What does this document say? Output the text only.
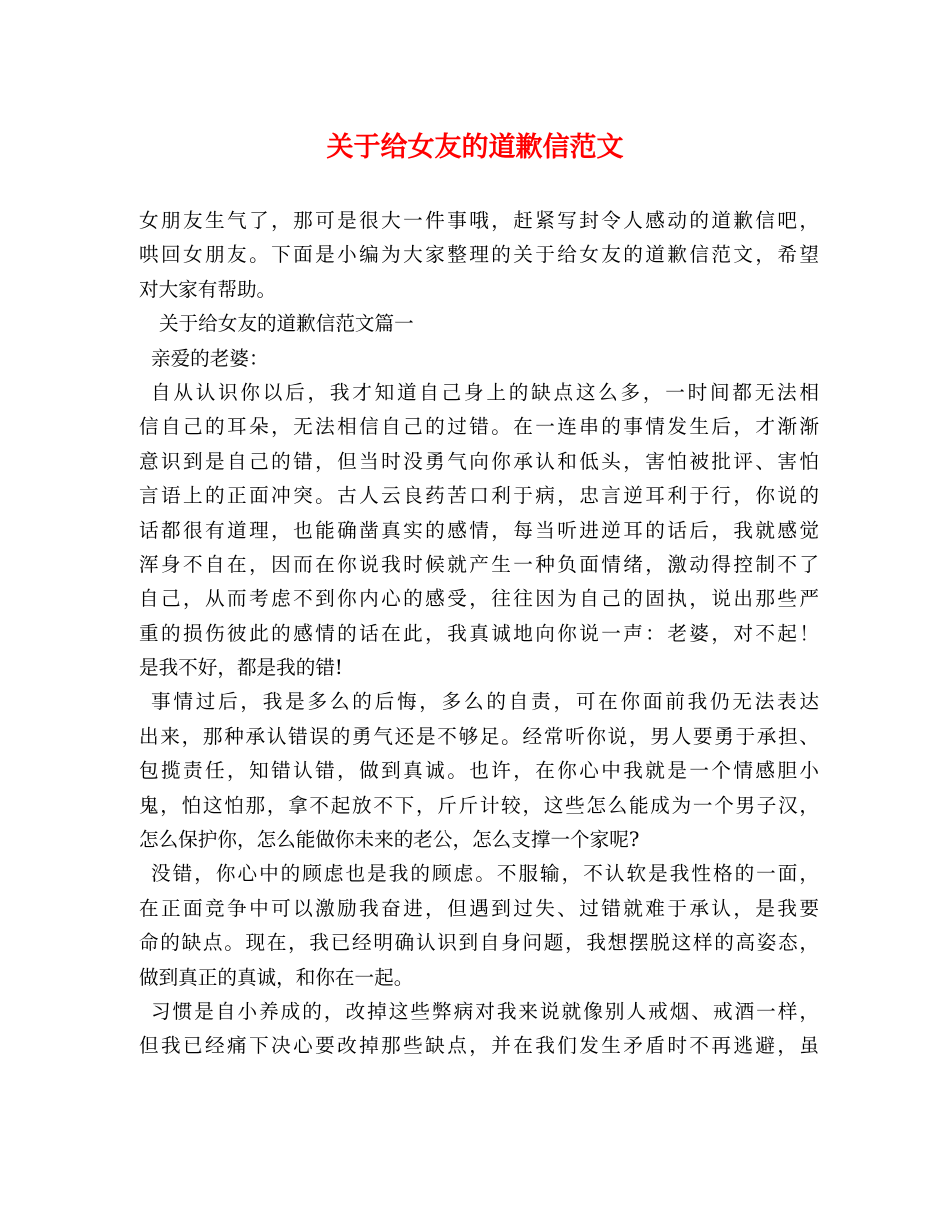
关于给女友的道歉信范文
女朋友生气了，那可是很大一件事哦，赶紧写封令人感动的道歉信吧，
哄回女朋友。下面是小编为大家整理的关于给女友的道歉信范文，希望
对大家有帮助。
关于给女友的道歉信范文篇一
亲爱的老婆：
自从认识你以后，我才知道自己身上的缺点这么多，一时间都无法相
信自己的耳朵，无法相信自己的过错。在一连串的事情发生后，才渐渐
意识到是自己的错，但当时没勇气向你承认和低头，害怕被批评、害怕
言语上的正面冲突。古人云良药苦口利于病，忠言逆耳利于行，你说的
话都很有道理，也能确凿真实的感情，每当听进逆耳的话后，我就感觉
浑身不自在，因而在你说我时候就产生一种负面情绪，激动得控制不了
自己，从而考虑不到你内心的感受，往往因为自己的固执，说出那些严
重的损伤彼此的感情的话在此，我真诚地向你说一声：老婆，对不起！
是我不好，都是我的错!
事情过后，我是多么的后悔，多么的自责，可在你面前我仍无法表达
出来，那种承认错误的勇气还是不够足。经常听你说，男人要勇于承担、
包揽责任，知错认错，做到真诚。也许，在你心中我就是一个情感胆小
鬼，怕这怕那，拿不起放不下，斤斤计较，这些怎么能成为一个男子汉，
怎么保护你，怎么能做你未来的老公，怎么支撑一个家呢?
没错，你心中的顾虑也是我的顾虑。不服输，不认软是我性格的一面，
在正面竞争中可以激励我奋进，但遇到过失、过错就难于承认，是我要
命的缺点。现在，我已经明确认识到自身问题，我想摆脱这样的高姿态，
做到真正的真诚，和你在一起。
习惯是自小养成的，改掉这些弊病对我来说就像别人戒烟、戒酒一样，
但我已经痛下决心要改掉那些缺点，并在我们发生矛盾时不再逃避，虽
